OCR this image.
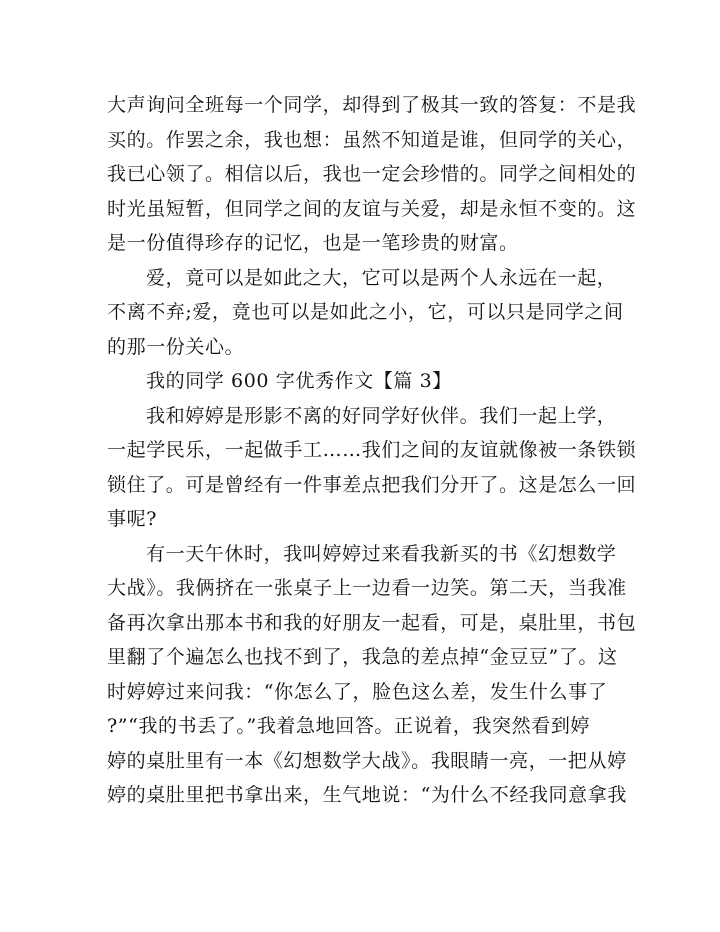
大声询问全班每一个同学，却得到了极其一致的答复：不是我
买的。作罢之余，我也想：虽然不知道是谁，但同学的关心，
我已心领了。相信以后，我也一定会珍惜的。同学之间相处的
时光虽短暂，但同学之间的友谊与关爱，却是永恒不变的。这
是一份值得珍存的记忆，也是一笔珍贵的财富。
爱，竟可以是如此之大，它可以是两个人永远在一起，
不离不弃;爱，竟也可以是如此之小，它，可以只是同学之间
的那一份关心。
我的同学 600 字优秀作文【篇 3】
我和婷婷是形影不离的好同学好伙伴。我们一起上学，
一起学民乐，一起做手工……我们之间的友谊就像被一条铁锁
锁住了。可是曾经有一件事差点把我们分开了。这是怎么一回
事呢?
有一天午休时，我叫婷婷过来看我新买的书《幻想数学
大战》。我俩挤在一张桌子上一边看一边笑。第二天，当我准
备再次拿出那本书和我的好朋友一起看，可是，桌肚里，书包
里翻了个遍怎么也找不到了，我急的差点掉“金豆豆”了。这
时婷婷过来问我：“你怎么了，脸色这么差，发生什么事了
?”“我的书丢了。”我着急地回答。正说着，我突然看到婷
婷的桌肚里有一本《幻想数学大战》。我眼睛一亮，一把从婷
婷的桌肚里把书拿出来，生气地说：“为什么不经我同意拿我
